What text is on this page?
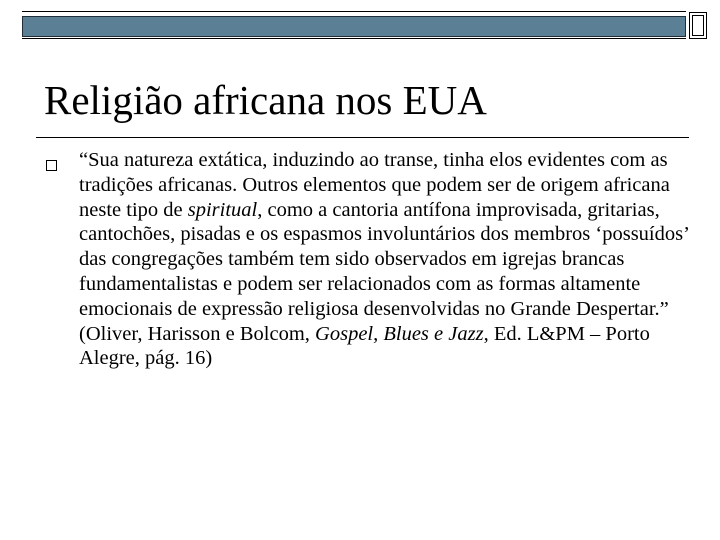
Religião africana nos EUA

“Sua natureza extática, induzindo ao transe, tinha elos evidentes com as tradições africanas. Outros elementos que podem ser de origem africana neste tipo de spiritual, como a cantoria antífona improvisada, gritarias, cantochões, pisadas e os espasmos involuntários dos membros ‘possuídos’ das congregações também tem sido observados em igrejas brancas fundamentalistas e podem ser relacionados com as formas altamente emocionais de expressão religiosa desenvolvidas no Grande Despertar.” (Oliver, Harisson e Bolcom, Gospel, Blues e Jazz, Ed. L&PM – Porto Alegre, pág. 16)
